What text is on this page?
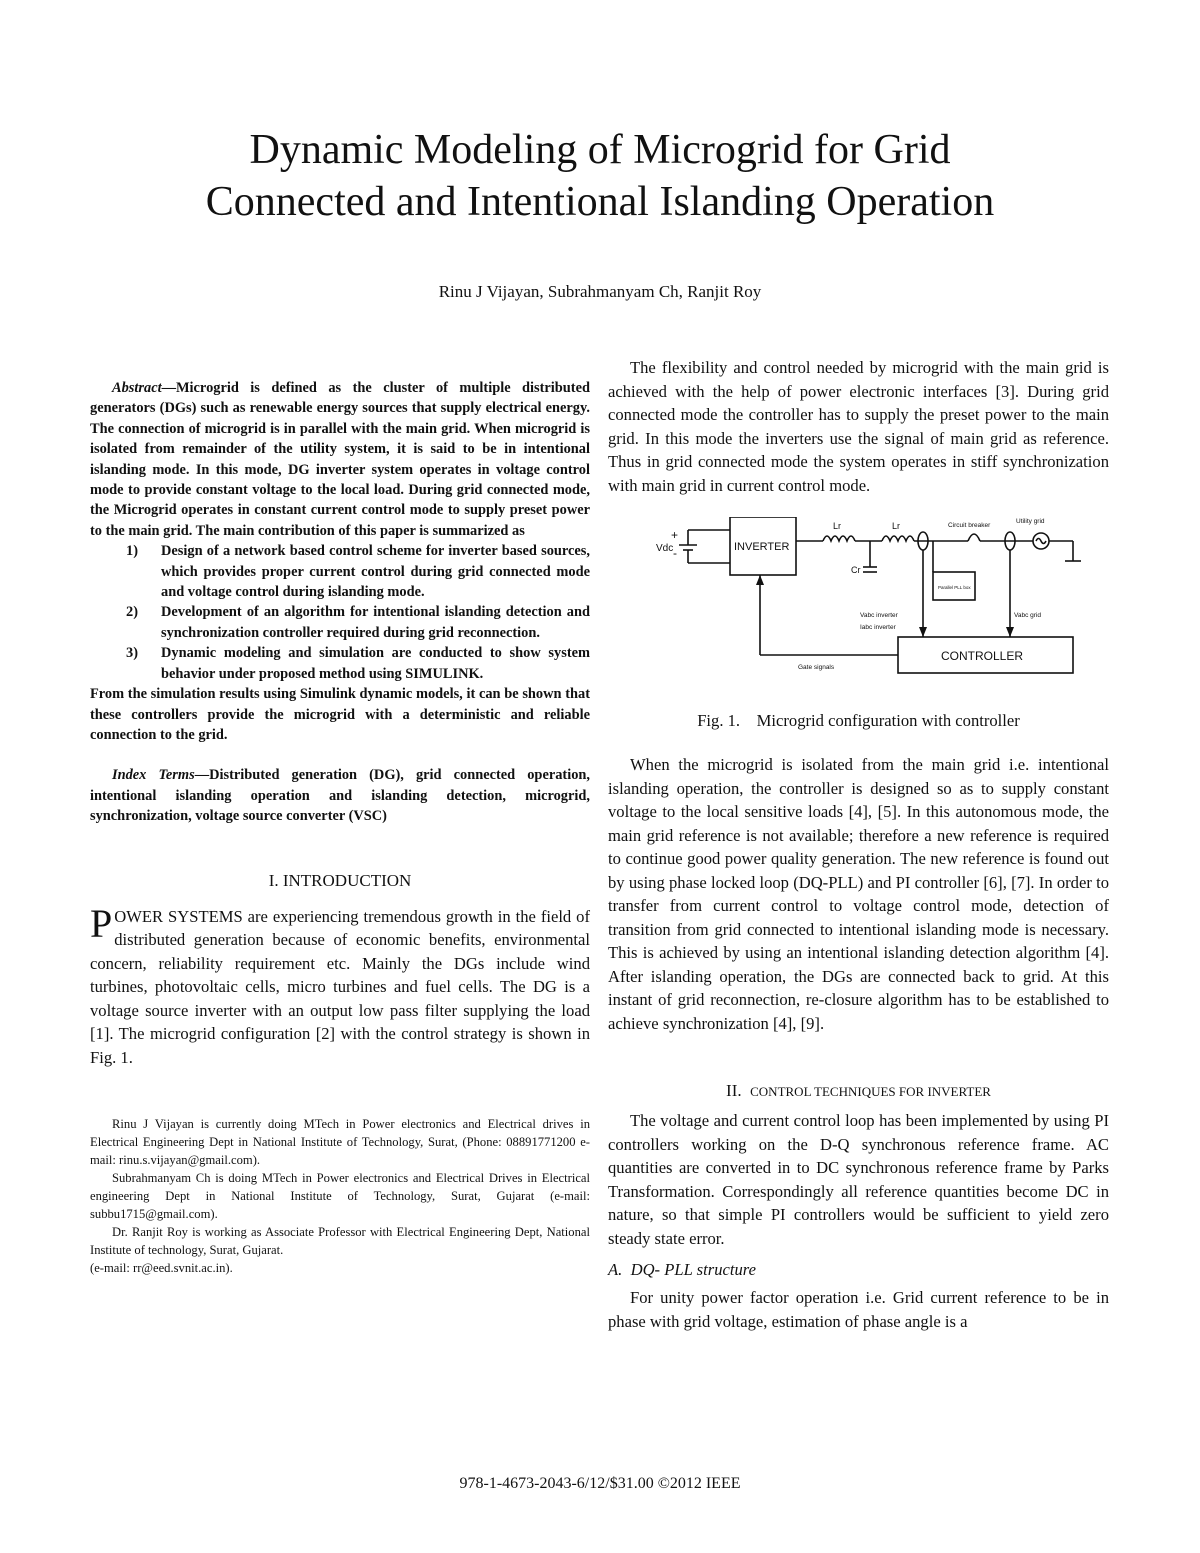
Dynamic Modeling of Microgrid for Grid
Connected and Intentional Islanding Operation
Rinu J Vijayan, Subrahmanyam Ch, Ranjit Roy

Abstract—Microgrid is defined as the cluster of multiple distributed generators (DGs) such as renewable energy sources that supply electrical energy. The connection of microgrid is in parallel with the main grid. When microgrid is isolated from remainder of the utility system, it is said to be in intentional islanding mode. In this mode, DG inverter system operates in voltage control mode to provide constant voltage to the local load. During grid connected mode, the Microgrid operates in constant current control mode to supply preset power to the main grid. The main contribution of this paper is summarized as

1) Design of a network based control scheme for inverter based sources, which provides proper current control during grid connected mode and voltage control during islanding mode.
2) Development of an algorithm for intentional islanding detection and synchronization controller required during grid reconnection.
3) Dynamic modeling and simulation are conducted to show system behavior under proposed method using SIMULINK.

From the simulation results using Simulink dynamic models, it can be shown that these controllers provide the microgrid with a deterministic and reliable connection to the grid.

Index Terms—Distributed generation (DG), grid connected operation, intentional islanding operation and islanding detection, microgrid, synchronization, voltage source converter (VSC)

I. INTRODUCTION

POWER SYSTEMS are experiencing tremendous growth in the field of distributed generation because of economic benefits, environmental concern, reliability requirement etc. Mainly the DGs include wind turbines, photovoltaic cells, micro turbines and fuel cells. The DG is a voltage source inverter with an output low pass filter supplying the load [1]. The microgrid configuration [2] with the control strategy is shown in Fig. 1.

Rinu J Vijayan is currently doing MTech in Power electronics and Electrical drives in Electrical Engineering Dept in National Institute of Technology, Surat, (Phone: 08891771200 e-mail: rinu.s.vijayan@gmail.com).

Subrahmanyam Ch is doing MTech in Power electronics and Electrical Drives in Electrical engineering Dept in National Institute of Technology, Surat, Gujarat (e-mail: subbu1715@gmail.com).

Dr. Ranjit Roy is working as Associate Professor with Electrical Engineering Dept, National Institute of technology, Surat, Gujarat.

(e-mail: rr@eed.svnit.ac.in).

The flexibility and control needed by microgrid with the main grid is achieved with the help of power electronic interfaces [3]. During grid connected mode the controller has to supply the preset power to the main grid. In this mode the inverters use the signal of main grid as reference. Thus in grid connected mode the system operates in stiff synchronization with main grid in current control mode.

Vdc
+
-	INVERTER
Lr	Lr
Cr
Circuit breaker
Utility grid
Parallel PLL box
Vabc inverter
Iabc inverter
Vabc grid
Gate signals
CONTROLLER

Fig. 1.    Microgrid configuration with controller

When the microgrid is isolated from the main grid i.e. intentional islanding operation, the controller is designed so as to supply constant voltage to the local sensitive loads [4], [5]. In this autonomous mode, the main grid reference is not available; therefore a new reference is required to continue good power quality generation. The new reference is found out by using phase locked loop (DQ-PLL) and PI controller [6], [7]. In order to transfer from current control to voltage control mode, detection of transition from grid connected to intentional islanding mode is necessary. This is achieved by using an intentional islanding detection algorithm [4]. After islanding operation, the DGs are connected back to grid. At this instant of grid reconnection, re-closure algorithm has to be established to achieve synchronization [4], [9].

II. CONTROL TECHNIQUES FOR INVERTER

The voltage and current control loop has been implemented by using PI controllers working on the D-Q synchronous reference frame. AC quantities are converted in to DC synchronous reference frame by Parks Transformation. Correspondingly all reference quantities become DC in nature, so that simple PI controllers would be sufficient to yield zero steady state error.

A.  DQ- PLL structure

For unity power factor operation i.e. Grid current reference to be in phase with grid voltage, estimation of phase angle is a

978-1-4673-2043-6/12/$31.00 ©2012 IEEE
